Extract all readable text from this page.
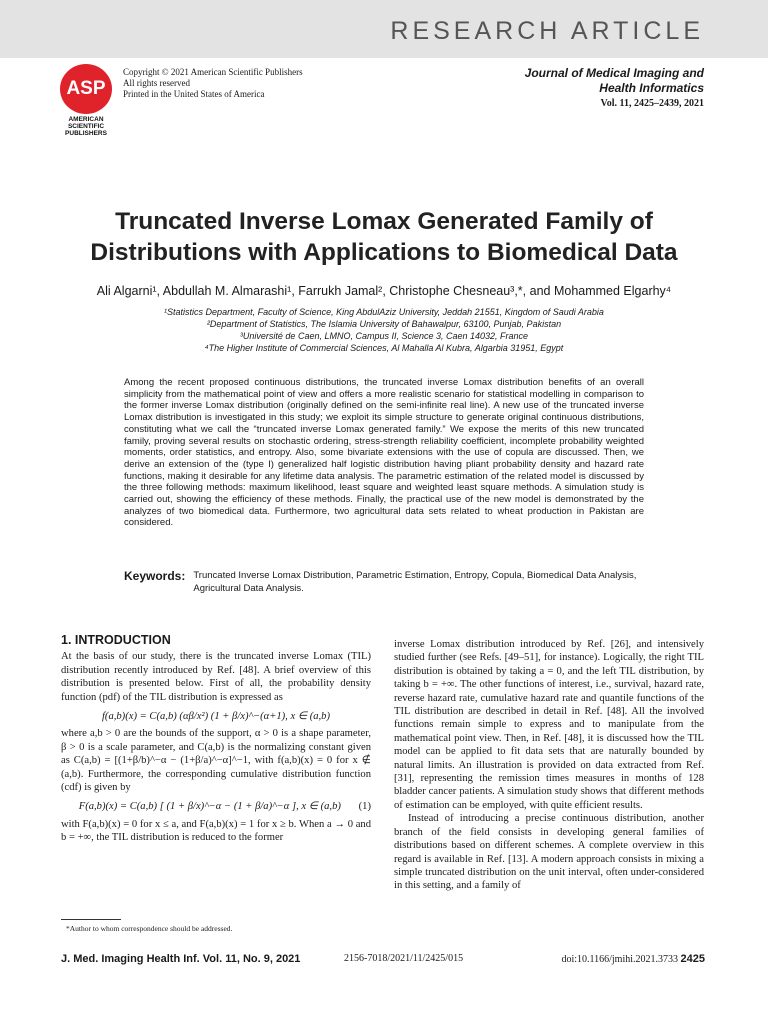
RESEARCH ARTICLE
ASP
AMERICAN
SCIENTIFIC
PUBLISHERS
Copyright © 2021 American Scientific Publishers
All rights reserved
Printed in the United States of America
Journal of Medical Imaging and
Health Informatics
Vol. 11, 2425–2439, 2021
Truncated Inverse Lomax Generated Family of
Distributions with Applications to Biomedical Data
Ali Algarni¹, Abdullah M. Almarashi¹, Farrukh Jamal², Christophe Chesneau³,*, and Mohammed Elgarhy⁴
¹Statistics Department, Faculty of Science, King AbdulAziz University, Jeddah 21551, Kingdom of Saudi Arabia
²Department of Statistics, The Islamia University of Bahawalpur, 63100, Punjab, Pakistan
³Université de Caen, LMNO, Campus II, Science 3, Caen 14032, France
⁴The Higher Institute of Commercial Sciences, Al Mahalla Al Kubra, Algarbia 31951, Egypt
Among the recent proposed continuous distributions, the truncated inverse Lomax distribution benefits of an overall simplicity from the mathematical point of view and offers a more realistic scenario for statistical modelling in comparison to the former inverse Lomax distribution (originally defined on the semi-infinite real line). A new use of the truncated inverse Lomax distribution is investigated in this study; we exploit its simple structure to generate original continuous distributions, constituting what we call the “truncated inverse Lomax generated family.” We expose the merits of this new truncated family, proving several results on stochastic ordering, stress-strength reliability coefficient, incomplete probability weighted moments, order statistics, and entropy. Also, some bivariate extensions with the use of copula are discussed. Then, we derive an extension of the (type I) generalized half logistic distribution having pliant probability density and hazard rate functions, making it desirable for any lifetime data analysis. The parametric estimation of the related model is discussed by the three following methods: maximum likelihood, least square and weighted least square methods. A simulation study is carried out, showing the efficiency of these methods. Finally, the practical use of the new model is demonstrated by the analyzes of two biomedical data. Furthermore, two agricultural data sets related to wheat production in Pakistan are considered.
Keywords: Truncated Inverse Lomax Distribution, Parametric Estimation, Entropy, Copula, Biomedical Data Analysis, Agricultural Data Analysis.
1. INTRODUCTION

At the basis of our study, there is the truncated inverse Lomax (TIL) distribution recently introduced by Ref. [48]. A brief overview of this distribution is presented below. First of all, the probability density function (pdf) of the TIL distribution is expressed as

f(a,b)(x) = C(a,b) (αβ/x²) (1 + β/x)^−(α+1), x ∈ (a,b)

where a,b > 0 are the bounds of the support, α > 0 is a shape parameter, β > 0 is a scale parameter, and C(a,b) is the normalizing constant given as C(a,b) = [(1+β/b)^−α − (1+β/a)^−α]^−1, with f(a,b)(x) = 0 for x ∉ (a,b). Furthermore, the corresponding cumulative distribution function (cdf) is given by

(1)
F(a,b)(x) = C(a,b) [ (1 + β/x)^−α − (1 + β/a)^−α ], x ∈ (a,b)

with F(a,b)(x) = 0 for x ≤ a, and F(a,b)(x) = 1 for x ≥ b. When a → 0 and b = +∞, the TIL distribution is reduced to the former

inverse Lomax distribution introduced by Ref. [26], and intensively studied further (see Refs. [49–51], for instance). Logically, the right TIL distribution is obtained by taking a = 0, and the left TIL distribution, by taking b = +∞. The other functions of interest, i.e., survival, hazard rate, reverse hazard rate, cumulative hazard rate and quantile functions of the TIL distribution are described in detail in Ref. [48]. All the involved functions remain simple to express and to manipulate from the mathematical point view. Then, in Ref. [48], it is discussed how the TIL model can be applied to fit data sets that are naturally bounded by natural limits. An illustration is provided on data extracted from Ref. [31], representing the remission times measures in months of 128 bladder cancer patients. A simulation study shows that different methods of estimation can be employed, with quite efficient results.

Instead of introducing a precise continuous distribution, another branch of the field consists in developing general families of distributions based on different schemes. A complete overview in this regard is available in Ref. [13]. A modern approach consists in mixing a simple truncated distribution on the unit interval, often under-considered in this setting, and a family of

*Author to whom correspondence should be addressed.
J. Med. Imaging Health Inf. Vol. 11, No. 9, 2021	2156-7018/2021/11/2425/015	doi:10.1166/jmihi.2021.3733 2425
